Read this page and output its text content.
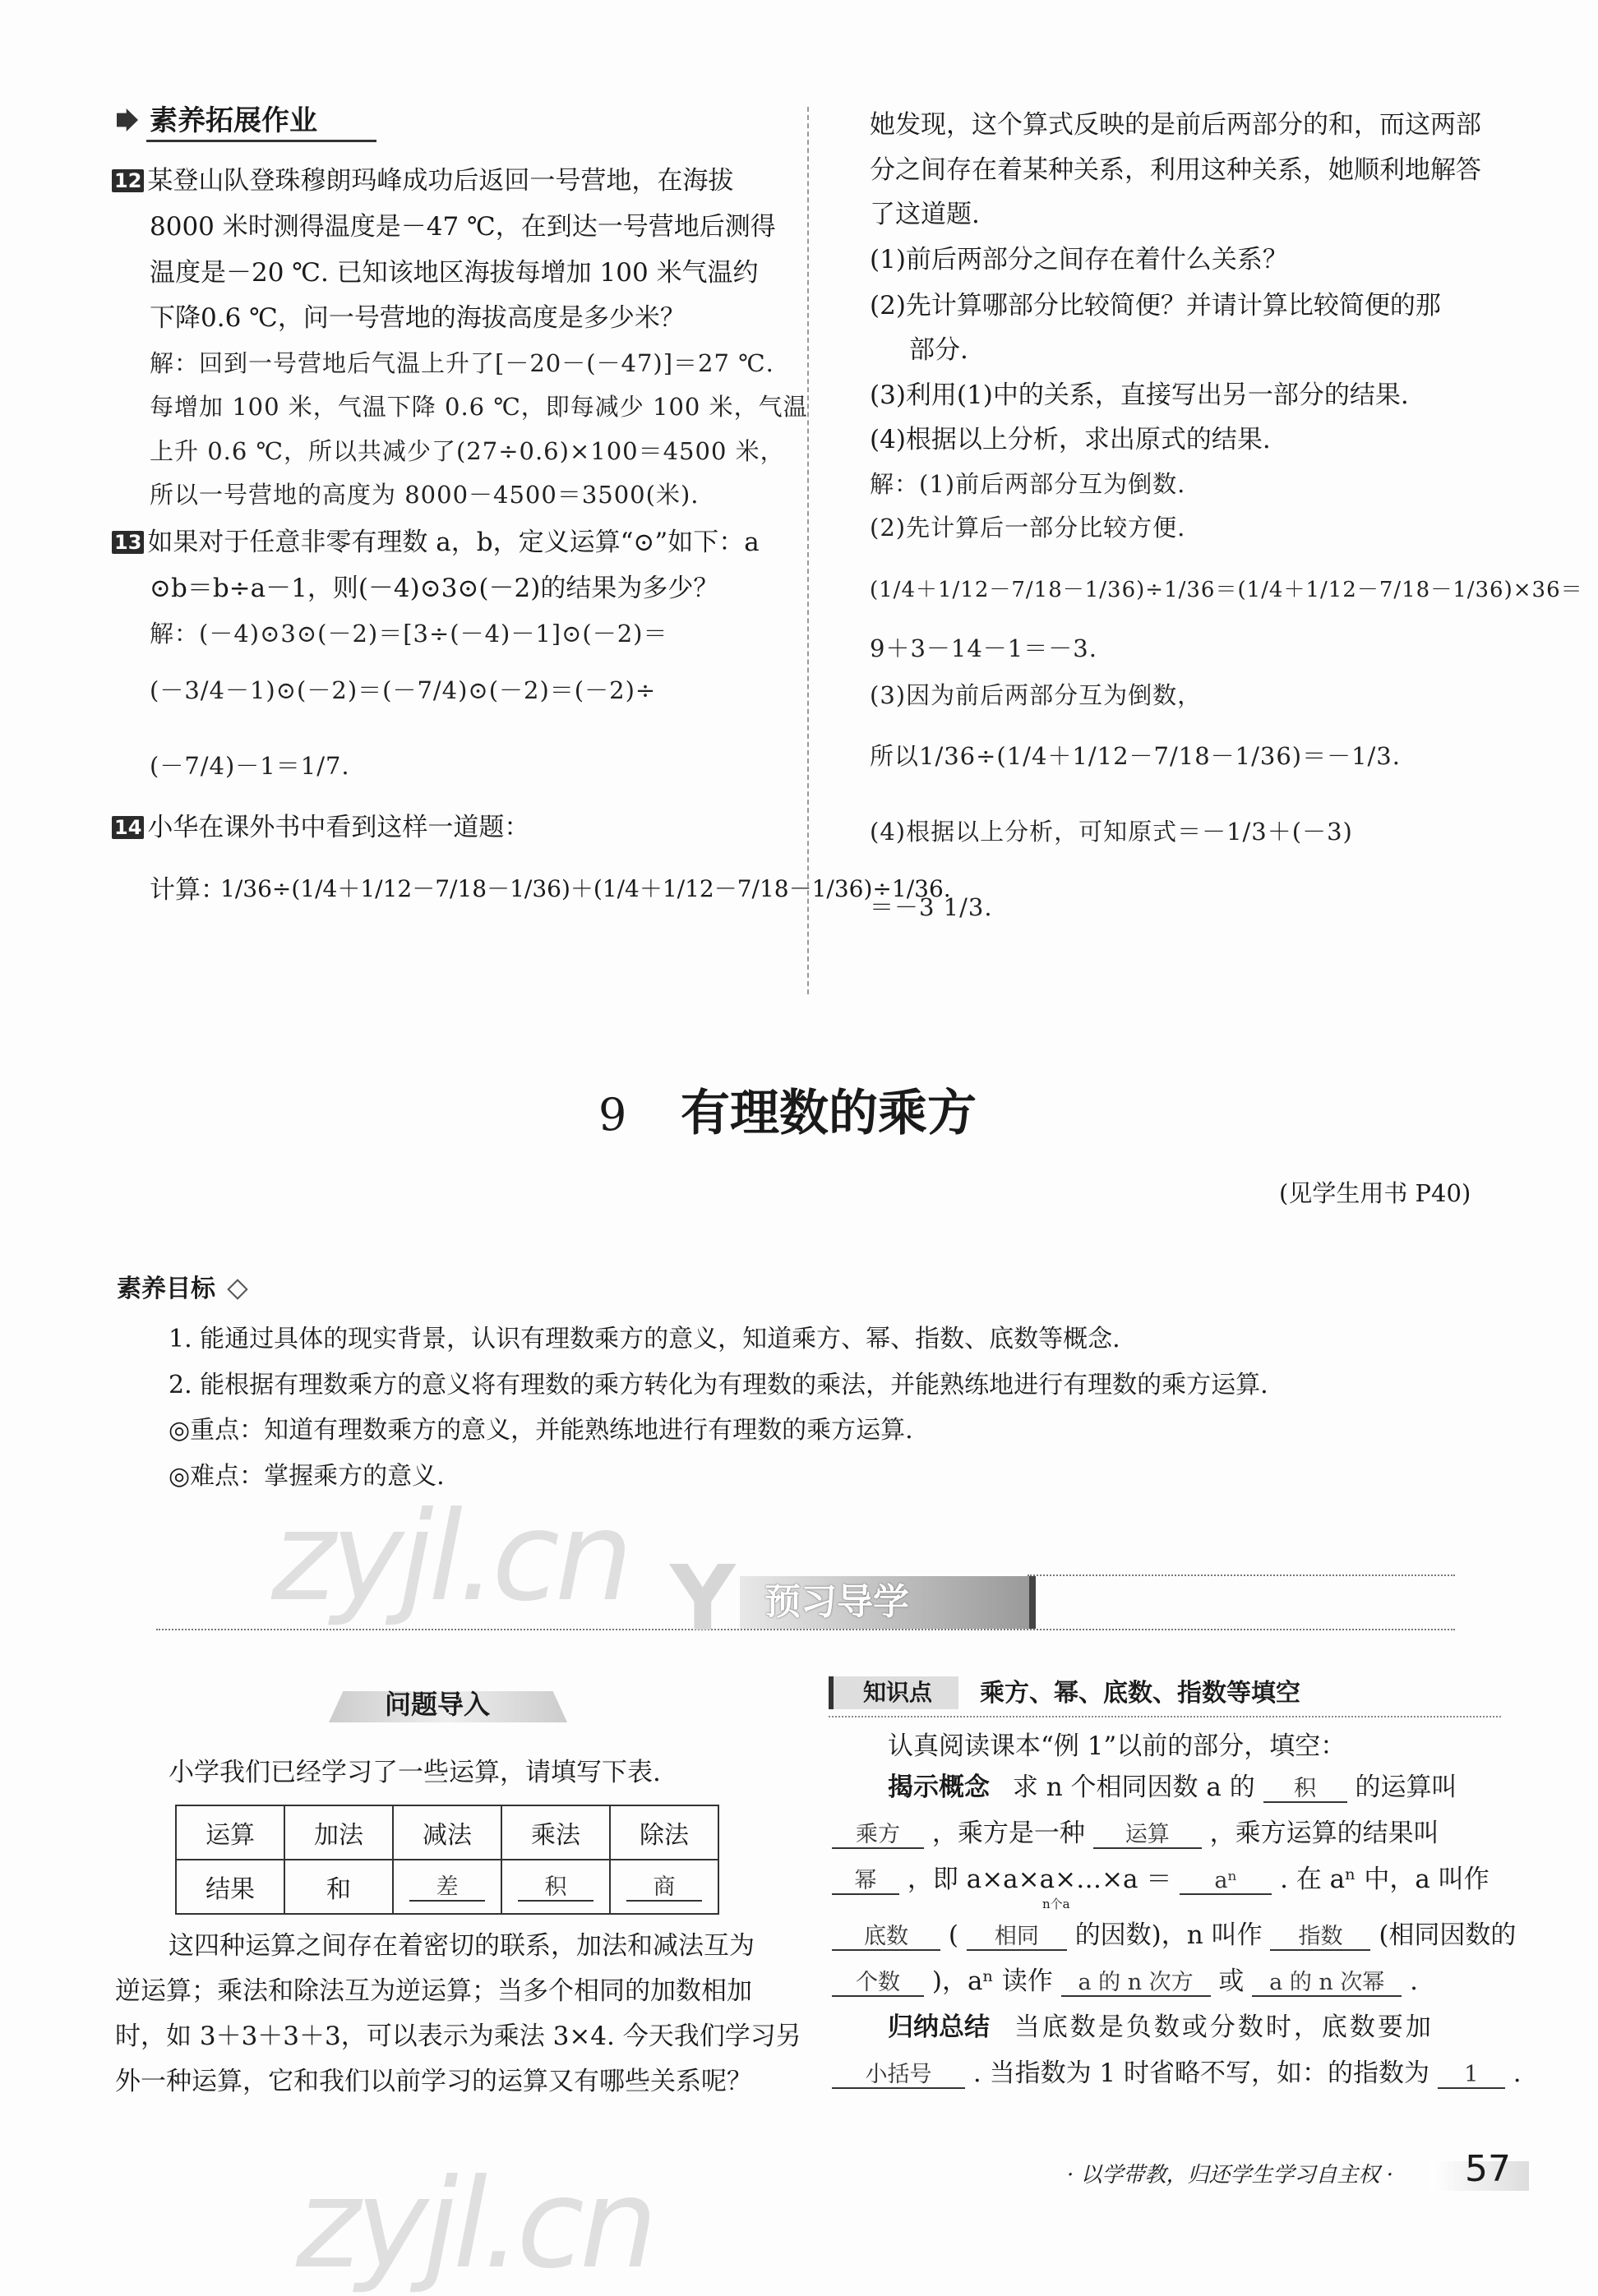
素养拓展作业
12 某登山队登珠穆朗玛峰成功后返回一号营地，在海拔
8000 米时测得温度是－47 ℃，在到达一号营地后测得
温度是－20 ℃. 已知该地区海拔每增加 100 米气温约
下降0.6 ℃，问一号营地的海拔高度是多少米？
解：回到一号营地后气温上升了[－20－(－47)]＝27 ℃.
每增加 100 米，气温下降 0.6 ℃，即每减少 100 米，气温
上升 0.6 ℃，所以共减少了(27÷0.6)×100＝4500 米，
所以一号营地的高度为 8000－4500＝3500(米).
13 如果对于任意非零有理数 a，b，定义运算“⊙”如下：a
⊙b＝b÷a－1，则(－4)⊙3⊙(－2)的结果为多少？
解：(－4)⊙3⊙(－2)＝[3÷(－4)－1]⊙(－2)＝
(－3/4－1)⊙(－2)＝(－7/4)⊙(－2)＝(－2)÷
(－7/4)－1＝1/7.
14 小华在课外书中看到这样一道题：
计算：
1/36÷(1/4＋1/12－7/18－1/36)＋(1/4＋1/12－7/18－1/36)÷1/36.
她发现，这个算式反映的是前后两部分的和，而这两部
分之间存在着某种关系，利用这种关系，她顺利地解答
了这道题.
(1)前后两部分之间存在着什么关系？
(2)先计算哪部分比较简便？并请计算比较简便的那
部分.
(3)利用(1)中的关系，直接写出另一部分的结果.
(4)根据以上分析，求出原式的结果.
解：(1)前后两部分互为倒数.
(2)先计算后一部分比较方便.
(1/4＋1/12－7/18－1/36)÷1/36＝(1/4＋1/12－7/18－1/36)×36＝
9＋3－14－1＝－3.
(3)因为前后两部分互为倒数，
所以1/36÷(1/4＋1/12－7/18－1/36)＝－1/3.
(4)根据以上分析，可知原式＝－1/3＋(－3)
＝－3 1/3.
9 有理数的乘方
(见学生用书 P40)
素养目标
1. 能通过具体的现实背景，认识有理数乘方的意义，知道乘方、幂、指数、底数等概念.
2. 能根据有理数乘方的意义将有理数的乘方转化为有理数的乘法，并能熟练地进行有理数的乘方运算.
◎重点：知道有理数乘方的意义，并能熟练地进行有理数的乘方运算.
◎难点：掌握乘方的意义.
Y 预习导学
问题导入
小学我们已经学习了一些运算，请填写下表.
运算	加法	减法	乘法	除法
结果	和	差	积	商
这四种运算之间存在着密切的联系，加法和减法互为
逆运算；乘法和除法互为逆运算；当多个相同的加数相加
时，如 3＋3＋3＋3，可以表示为乘法 3×4. 今天我们学习另
外一种运算，它和我们以前学习的运算又有哪些关系呢？
知识点 乘方、幂、底数、指数等填空
认真阅读课本“例 1”以前的部分，填空：
揭示概念 求 n 个相同因数 a 的 积 的运算叫
乘方 ，乘方是一种 运算 ，乘方运算的结果叫
幂 ，即 a×a×a×…×a ＝ aⁿ . 在 aⁿ 中，a 叫作
n个a
底数 ( 相同 的因数)，n 叫作 指数 (相同因数的
个数 )，aⁿ 读作 a 的 n 次方 或 a 的 n 次幂 .
归纳总结 当底数是负数或分数时，底数要加
小括号 . 当指数为 1 时省略不写，如：的指数为 1 .
· 以学带教，归还学生学习自主权 · 57
zyjl.cn
zyjl.cn
